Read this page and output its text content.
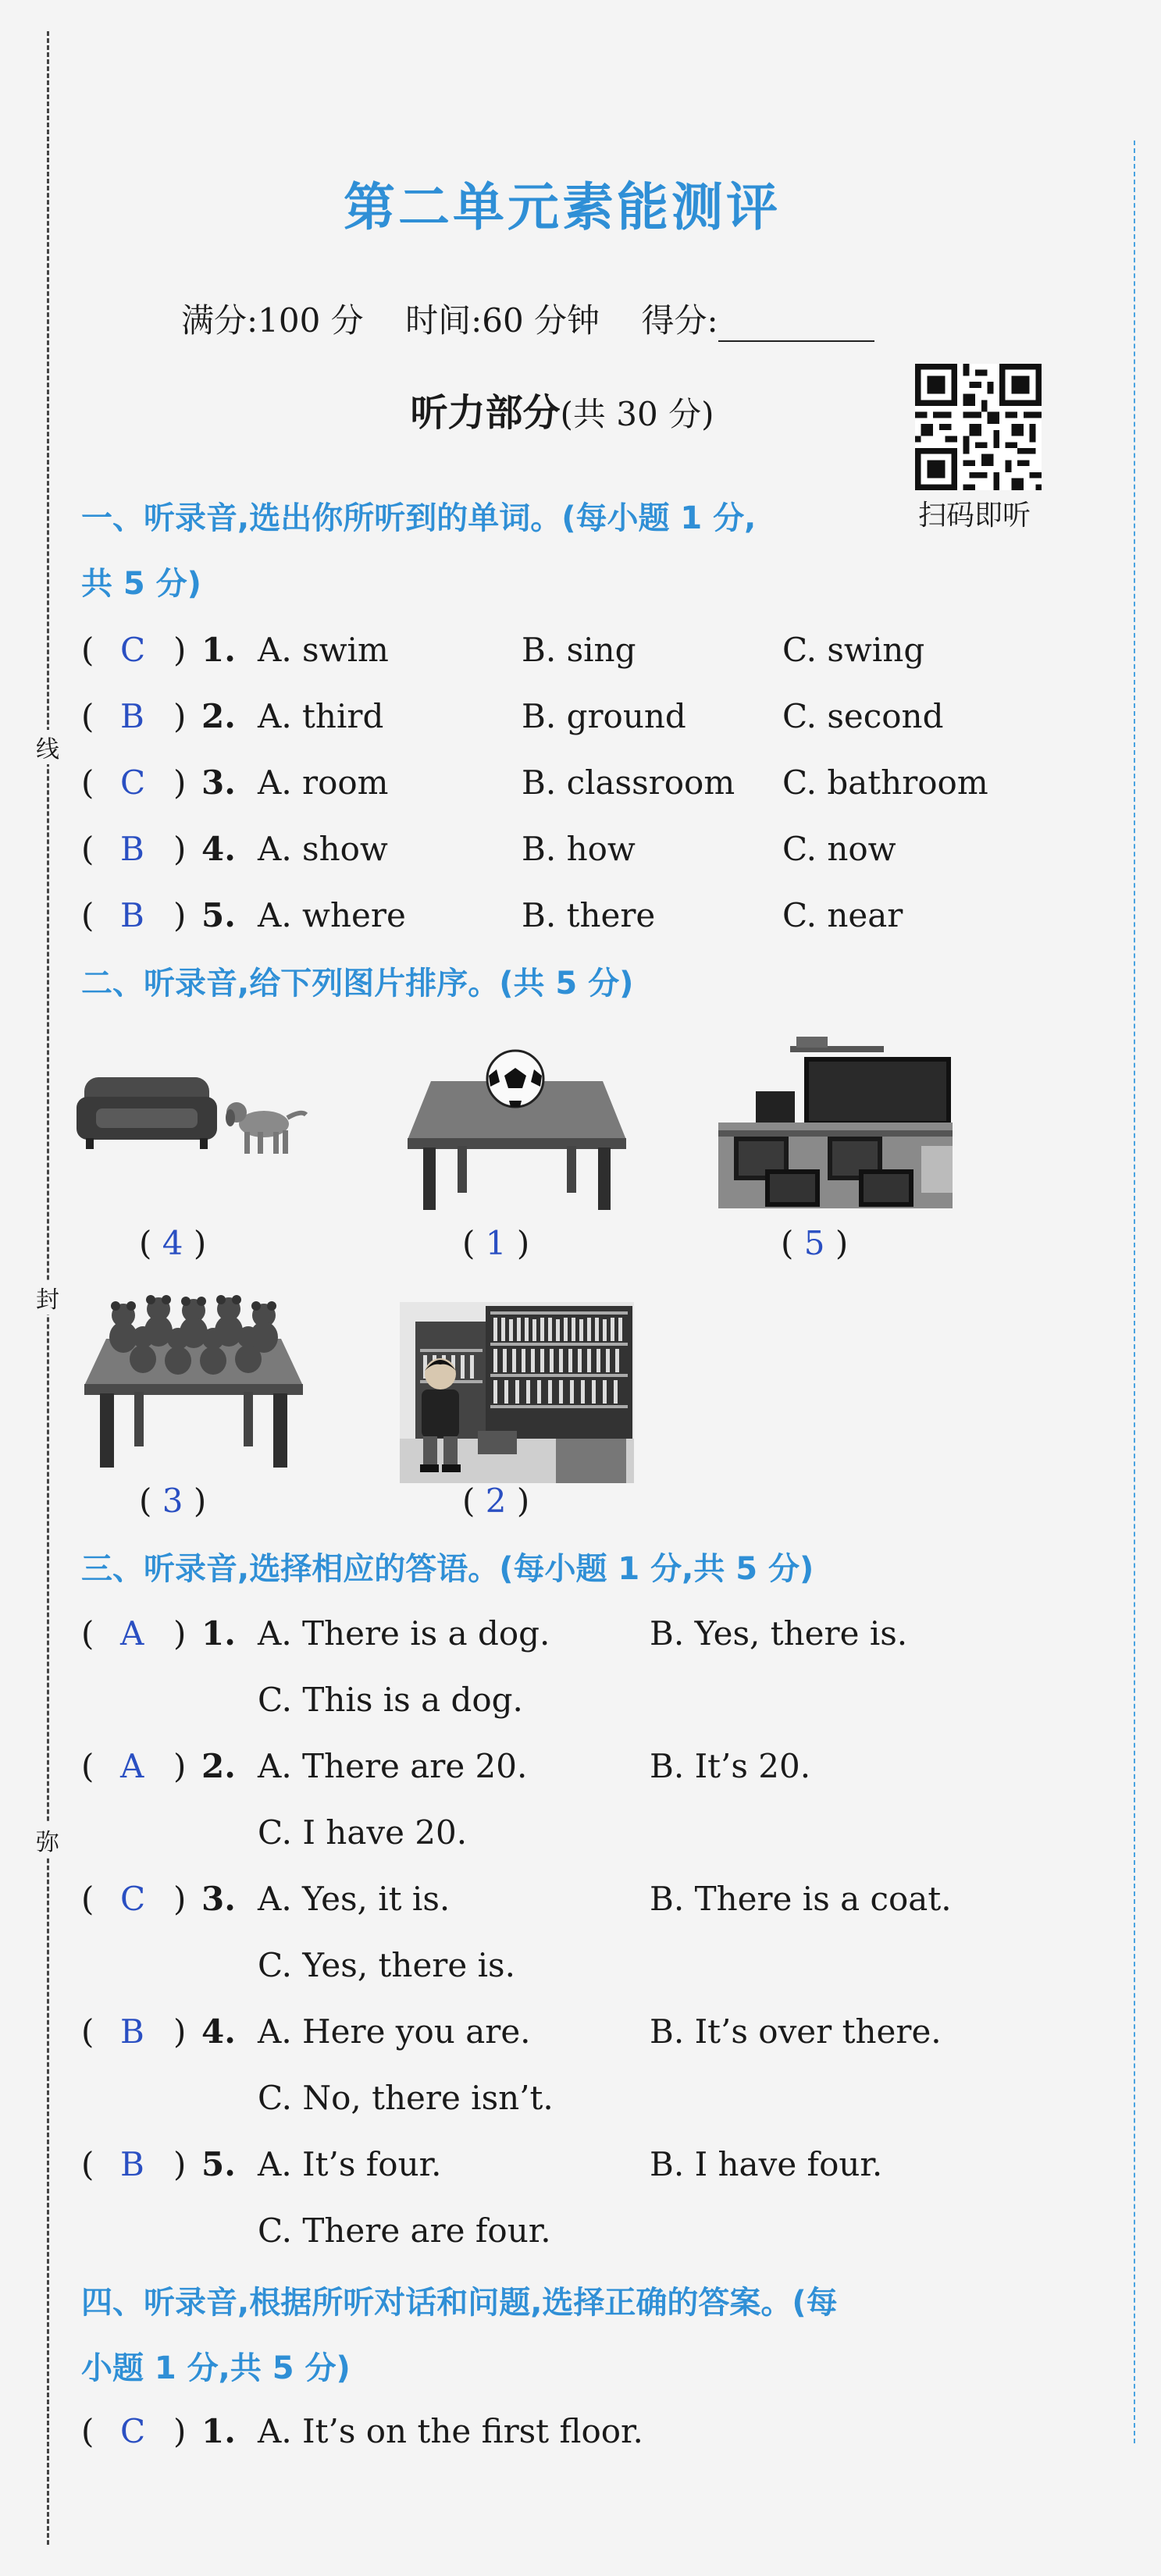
线
封
弥
第二单元素能测评
满分:100 分 时间:60 分钟 得分:
听力部分(共 30 分)
扫码即听
一、听录音,选出你所听到的单词。(每小题 1 分,
共 5 分)
( C ) 1. A. swim	B. sing	C. swing
( B ) 2. A. third	B. ground	C. second
( C ) 3. A. room	B. classroom C. bathroom
( B ) 4. A. show	B. how	C. now
( B ) 5. A. where	B. there	C. near
二、听录音,给下列图片排序。(共 5 分)
( 4 )	( 1 )	( 5 )
( 3 )	( 2 )
三、听录音,选择相应的答语。(每小题 1 分,共 5 分)
( A ) 1. A. There is a dog.	B. Yes, there is.
C. This is a dog.
( A ) 2. A. There are 20.	B. It’s 20.
C. I have 20.
( C ) 3. A. Yes, it is.	B. There is a coat.
C. Yes, there is.
( B ) 4. A. Here you are.	B. It’s over there.
C. No, there isn’t.
( B ) 5. A. It’s four.	B. I have four.
C. There are four.
四、听录音,根据所听对话和问题,选择正确的答案。(每
小题 1 分,共 5 分)
( C ) 1. A. It’s on the first floor.
